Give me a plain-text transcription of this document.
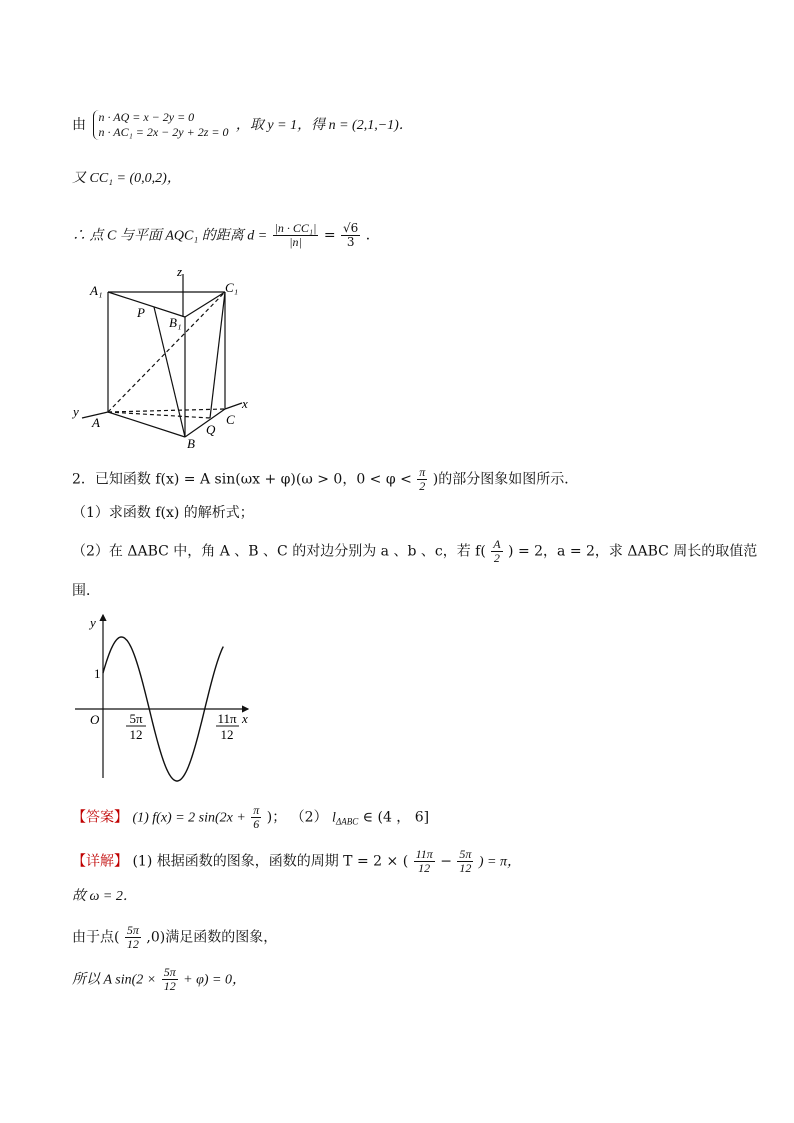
由 n · AQ = x − 2y = 0
n · AC₁ = 2x − 2y + 2z = 0 ，取 y = 1，得 n = (2,1,−1)．
又 CC₁ = (0,0,2)，
∴ 点 C 与平面 AQC₁ 的距离 $d = \frac{\text{|n · CC₁|}}{|n|} = \frac{√6}{3}$ ．
z
A₁	C₁
P
B₁
y
x
A	C
Q
B
2．已知函数 f(x) = A sin(ωx + φ)(ω > 0，$0 < \varphi < \frac{\pi}{2}$ )的部分图象如图所示．
（1）求函数 f(x) 的解析式；
（2）在 ΔABC 中，角 A 、B 、C 的对边分别为 a 、b 、c，若 $f( \frac{A}{2}$ ) = 2，a = 2，求 ΔABC 周长的取值范
围．
y
1
O	x
5π
12
11π
12
【答案】 (1) f(x) = 2 $\sin(2x + \frac{\pi}{6}$ )； （2） $l_{\Delta ABC}$ ∈ (4 ， 6]
【详解】 (1) 根据函数的图象，函数的周期 T = 2 × ( $\frac{11\pi}{12} - \frac{5\pi}{12}$ ) = π，
故 ω = 2．
由于点( $\frac{5\pi}{12} ,0$)满足函数的图象，
所以 A $\sin(2 \times \frac{5\pi}{12} + \varphi) = 0$，
